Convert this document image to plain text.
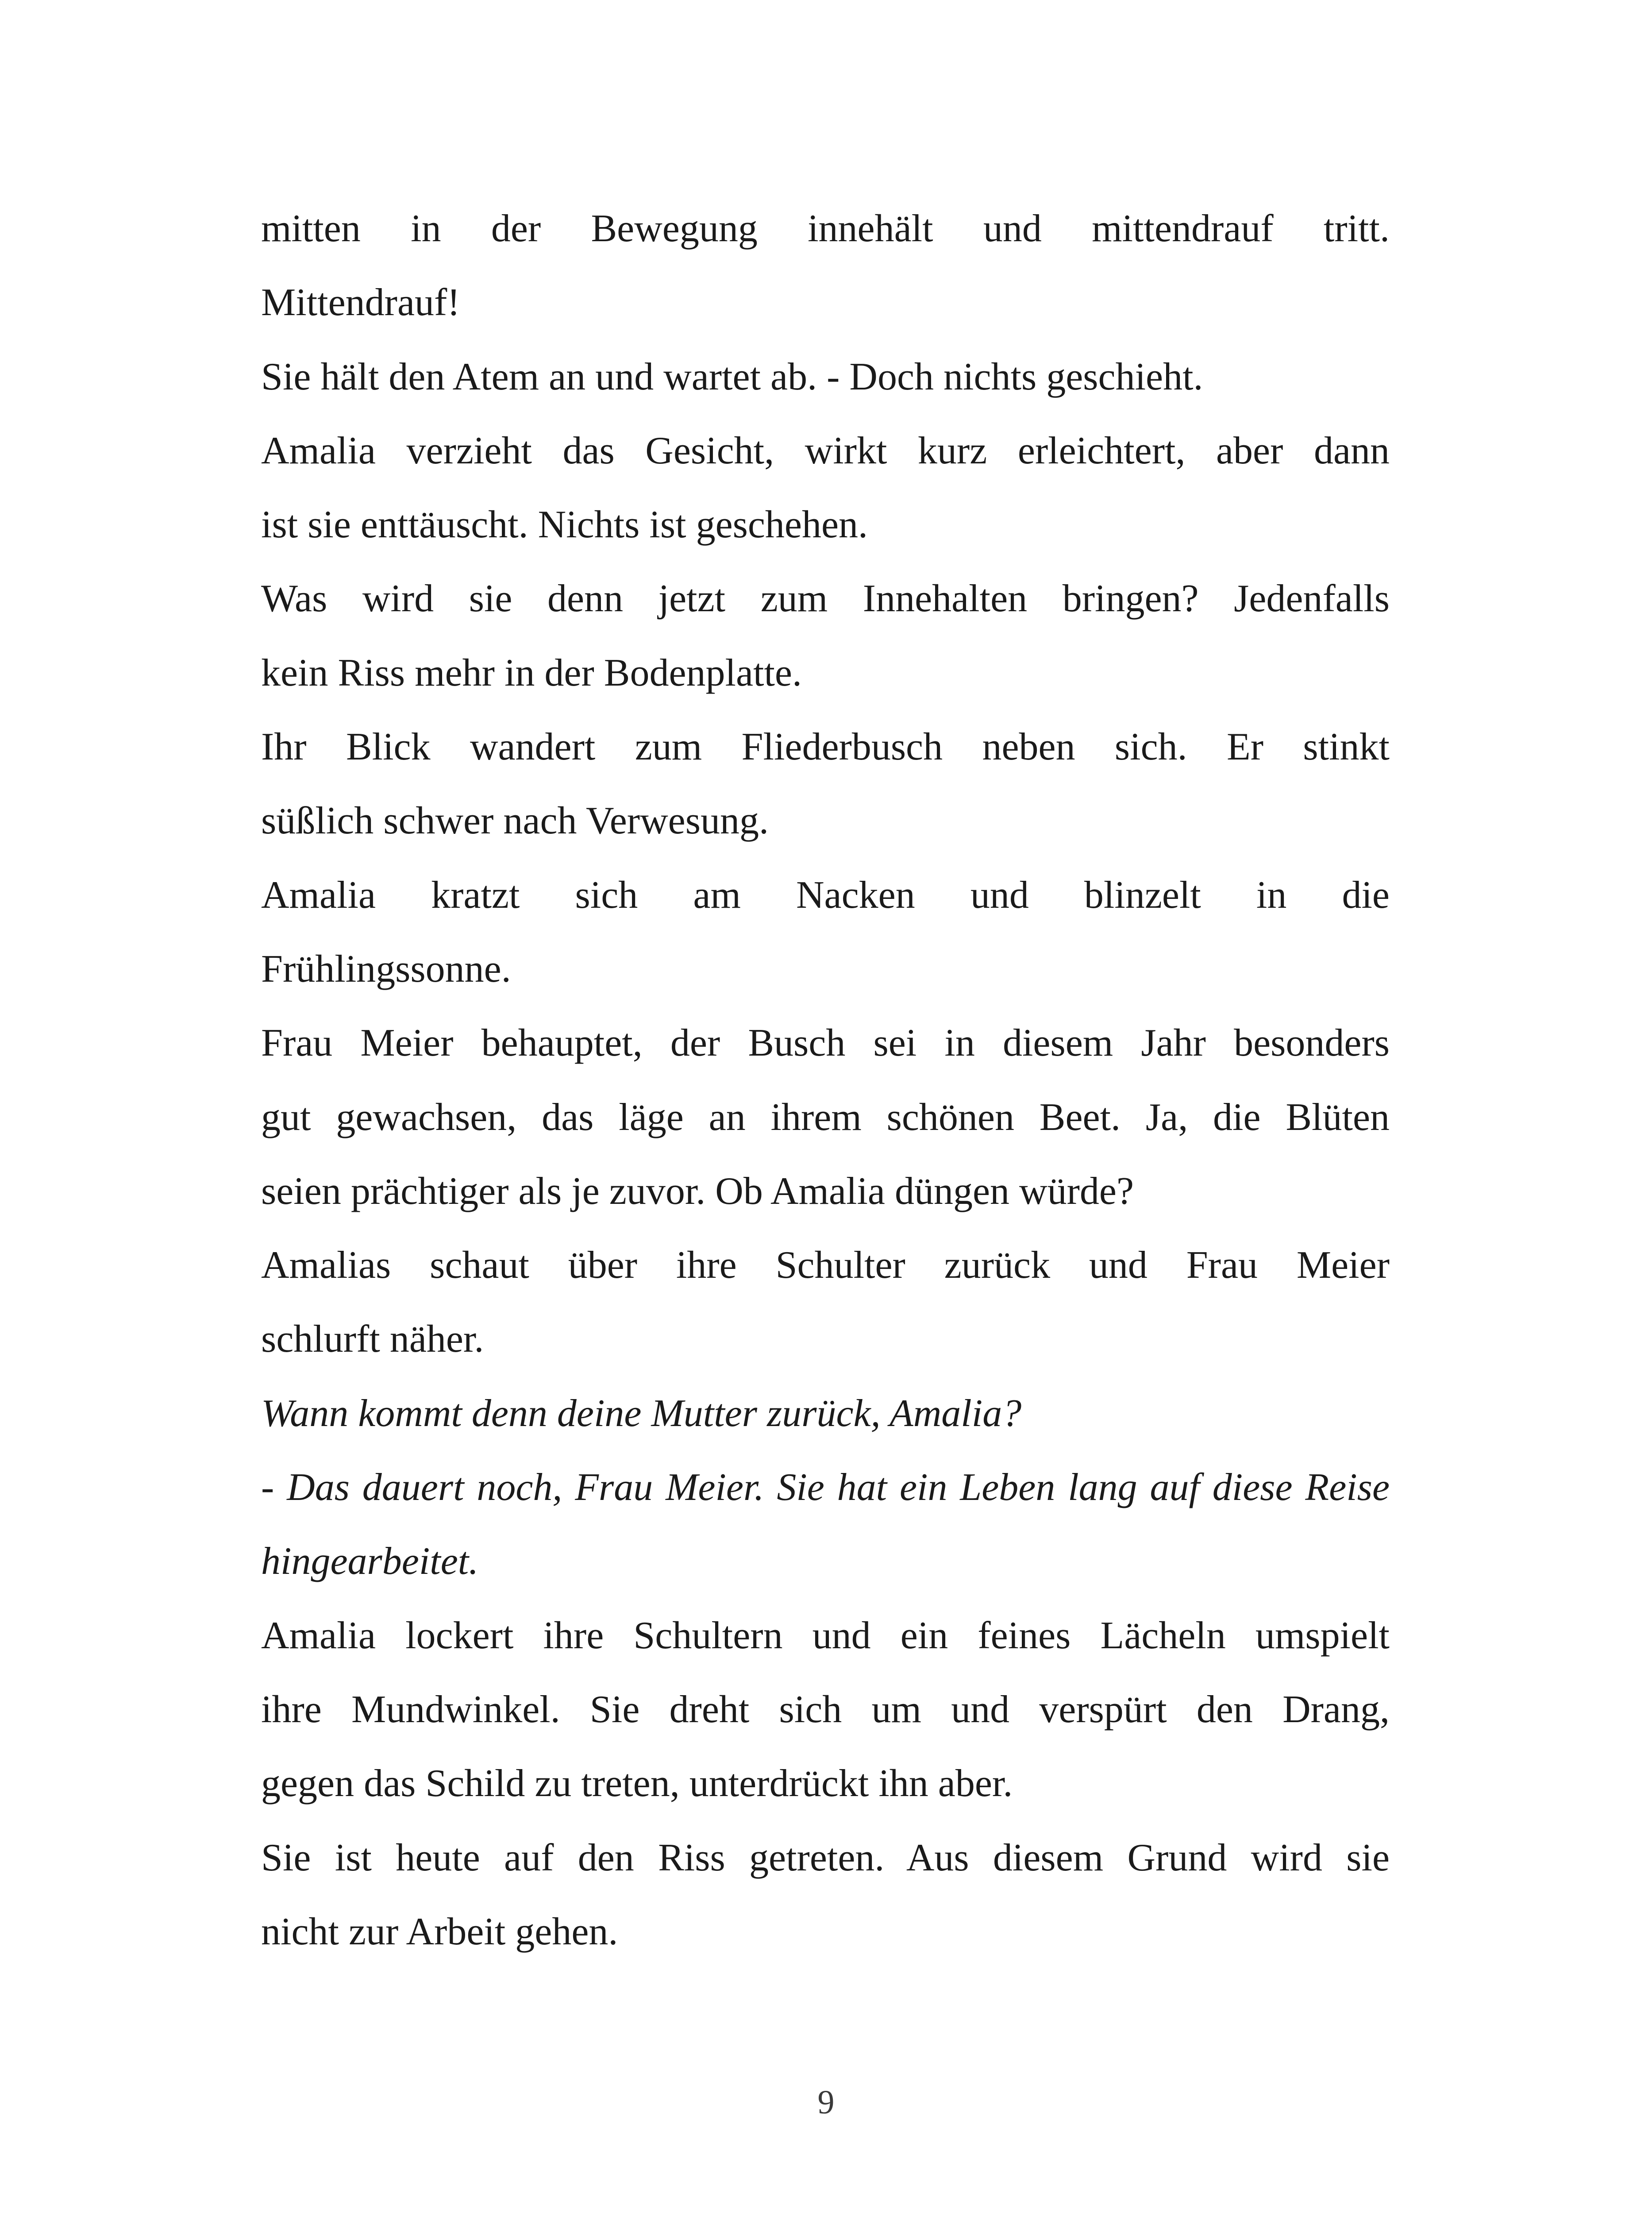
mitten in der Bewegung innehält und mittendrauf tritt.
Mittendrauf!
Sie hält den Atem an und wartet ab. - Doch nichts geschieht.
Amalia verzieht das Gesicht, wirkt kurz erleichtert, aber dann
ist sie enttäuscht. Nichts ist geschehen.
Was wird sie denn jetzt zum Innehalten bringen? Jedenfalls
kein Riss mehr in der Bodenplatte.
Ihr Blick wandert zum Fliederbusch neben sich. Er stinkt
süßlich schwer nach Verwesung.
Amalia kratzt sich am Nacken und blinzelt in die
Frühlingssonne.
Frau Meier behauptet, der Busch sei in diesem Jahr besonders
gut gewachsen, das läge an ihrem schönen Beet. Ja, die Blüten
seien prächtiger als je zuvor. Ob Amalia düngen würde?
Amalias schaut über ihre Schulter zurück und Frau Meier
schlurft näher.
Wann kommt denn deine Mutter zurück, Amalia?
- Das dauert noch, Frau Meier. Sie hat ein Leben lang auf diese Reise
hingearbeitet.
Amalia lockert ihre Schultern und ein feines Lächeln umspielt
ihre Mundwinkel. Sie dreht sich um und verspürt den Drang,
gegen das Schild zu treten, unterdrückt ihn aber.
Sie ist heute auf den Riss getreten. Aus diesem Grund wird sie
nicht zur Arbeit gehen.
9
